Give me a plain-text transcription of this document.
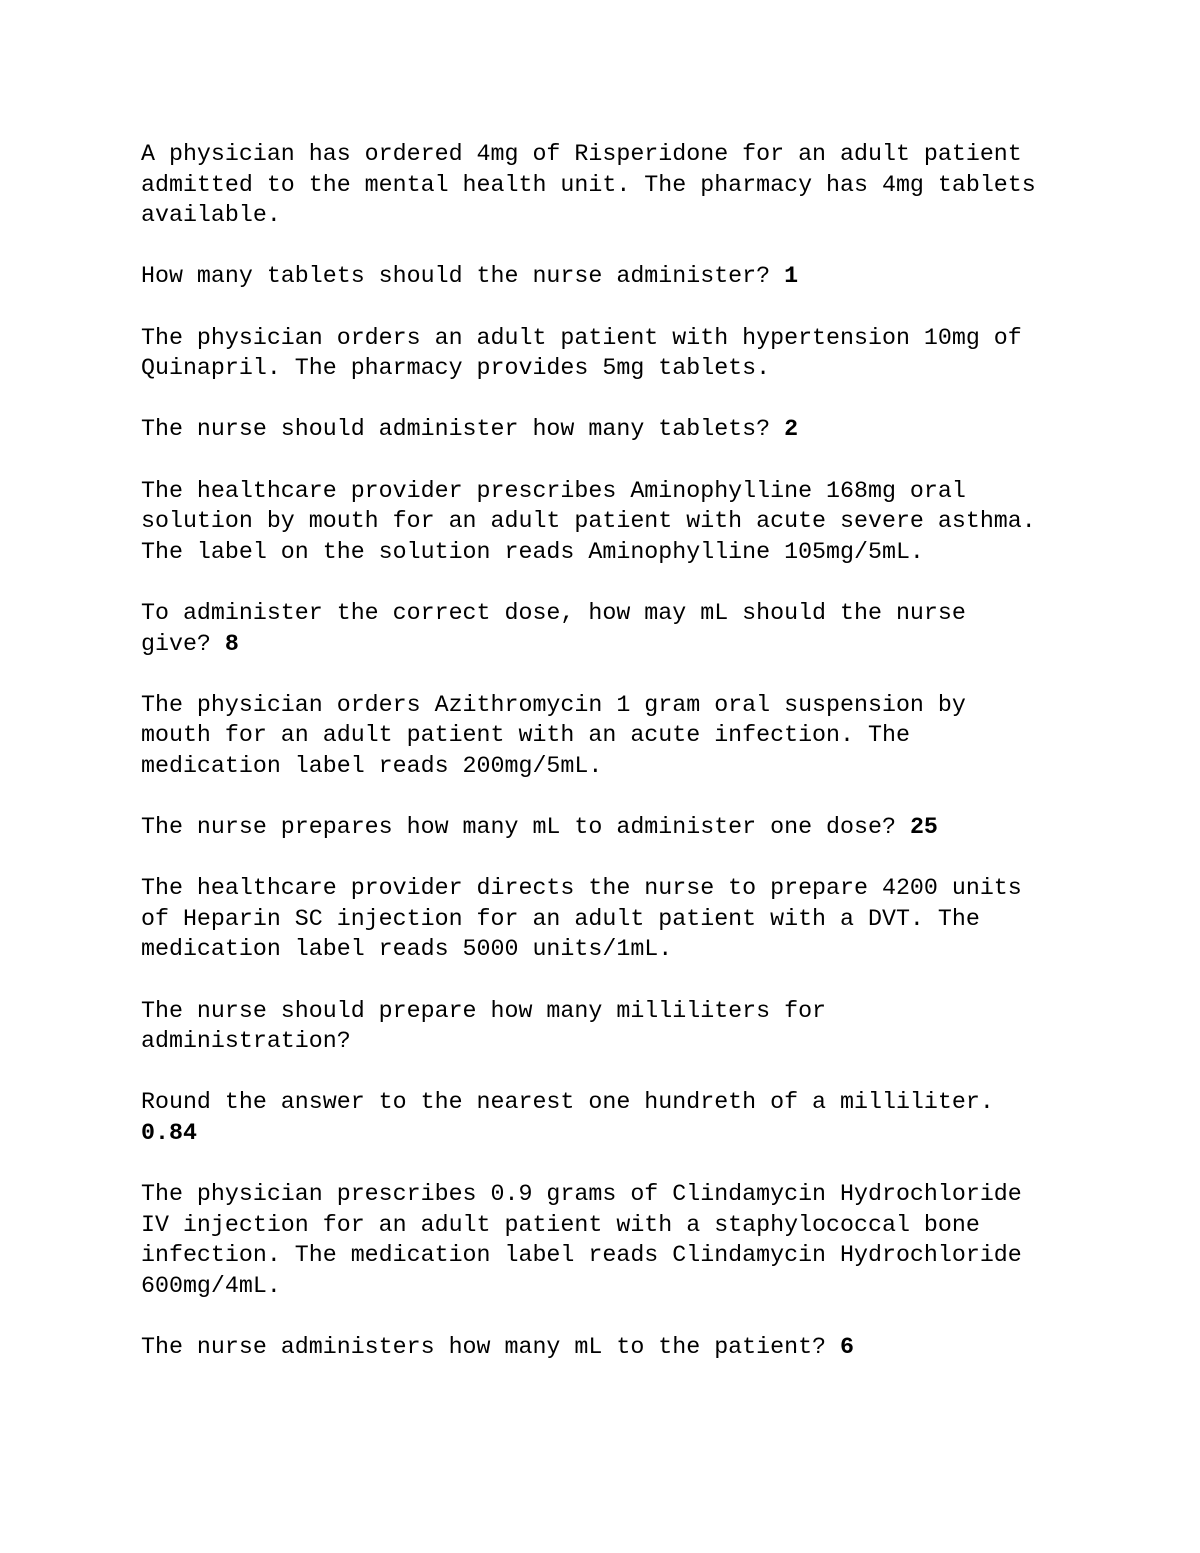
A physician has ordered 4mg of Risperidone for an adult patient
admitted to the mental health unit. The pharmacy has 4mg tablets
available.
How many tablets should the nurse administer? 1
The physician orders an adult patient with hypertension 10mg of
Quinapril. The pharmacy provides 5mg tablets.
The nurse should administer how many tablets? 2
The healthcare provider prescribes Aminophylline 168mg oral
solution by mouth for an adult patient with acute severe asthma.
The label on the solution reads Aminophylline 105mg/5mL.
To administer the correct dose, how may mL should the nurse
give? 8
The physician orders Azithromycin 1 gram oral suspension by
mouth for an adult patient with an acute infection. The
medication label reads 200mg/5mL.
The nurse prepares how many mL to administer one dose? 25
The healthcare provider directs the nurse to prepare 4200 units
of Heparin SC injection for an adult patient with a DVT. The
medication label reads 5000 units/1mL.
The nurse should prepare how many milliliters for
administration?
Round the answer to the nearest one hundreth of a milliliter.
0.84
The physician prescribes 0.9 grams of Clindamycin Hydrochloride
IV injection for an adult patient with a staphylococcal bone
infection. The medication label reads Clindamycin Hydrochloride
600mg/4mL.
The nurse administers how many mL to the patient? 6
